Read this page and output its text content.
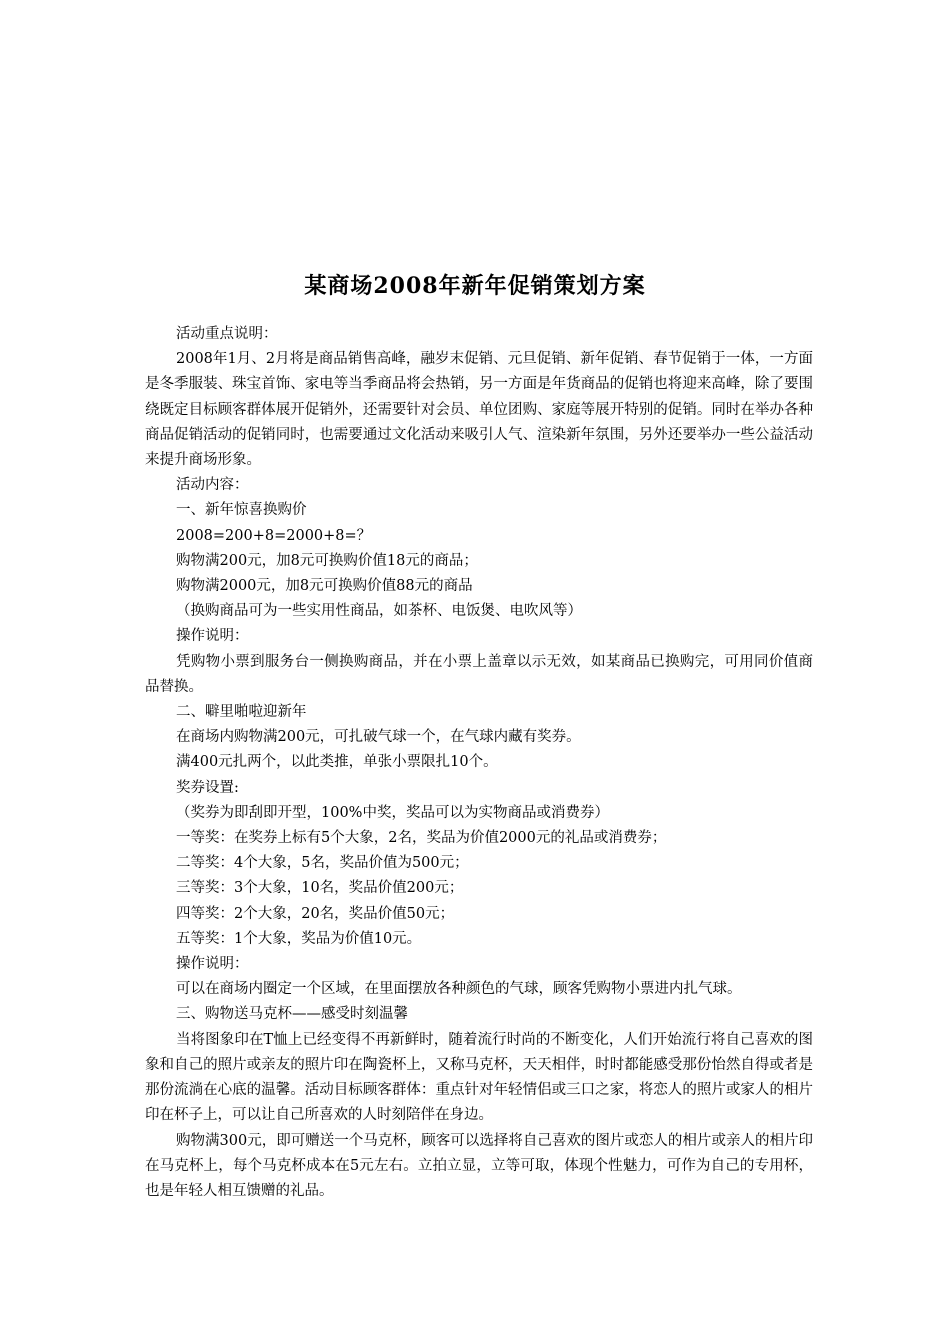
某商场2008年新年促销策划方案

活动重点说明：

2008年1月、2月将是商品销售高峰，融岁末促销、元旦促销、新年促销、春节促销于一体，一方面是冬季服装、珠宝首饰、家电等当季商品将会热销，另一方面是年货商品的促销也将迎来高峰，除了要围绕既定目标顾客群体展开促销外，还需要针对会员、单位团购、家庭等展开特别的促销。同时在举办各种商品促销活动的促销同时，也需要通过文化活动来吸引人气、渲染新年氛围，另外还要举办一些公益活动来提升商场形象。

活动内容：

一、新年惊喜换购价

2008=200+8=2000+8=？

购物满200元，加8元可换购价值18元的商品；

购物满2000元，加8元可换购价值88元的商品

（换购商品可为一些实用性商品，如茶杯、电饭煲、电吹风等）

操作说明：

凭购物小票到服务台一侧换购商品，并在小票上盖章以示无效，如某商品已换购完，可用同价值商品替换。

二、噼里啪啦迎新年

在商场内购物满200元，可扎破气球一个，在气球内藏有奖券。

满400元扎两个，以此类推，单张小票限扎10个。

奖券设置:

（奖券为即刮即开型，100%中奖，奖品可以为实物商品或消费券）

一等奖：在奖券上标有5个大象，2名，奖品为价值2000元的礼品或消费券；

二等奖：4个大象，5名，奖品价值为500元；

三等奖：3个大象，10名，奖品价值200元；

四等奖：2个大象，20名，奖品价值50元；

五等奖：1个大象，奖品为价值10元。

操作说明：

可以在商场内圈定一个区域，在里面摆放各种颜色的气球，顾客凭购物小票进内扎气球。

三、购物送马克杯——感受时刻温馨

当将图象印在T恤上已经变得不再新鲜时，随着流行时尚的不断变化，人们开始流行将自己喜欢的图象和自己的照片或亲友的照片印在陶瓷杯上，又称马克杯，天天相伴，时时都能感受那份怡然自得或者是那份流淌在心底的温馨。活动目标顾客群体：重点针对年轻情侣或三口之家，将恋人的照片或家人的相片印在杯子上，可以让自己所喜欢的人时刻陪伴在身边。

购物满300元，即可赠送一个马克杯，顾客可以选择将自己喜欢的图片或恋人的相片或亲人的相片印在马克杯上，每个马克杯成本在5元左右。立拍立显，立等可取，体现个性魅力，可作为自己的专用杯，也是年轻人相互馈赠的礼品。
